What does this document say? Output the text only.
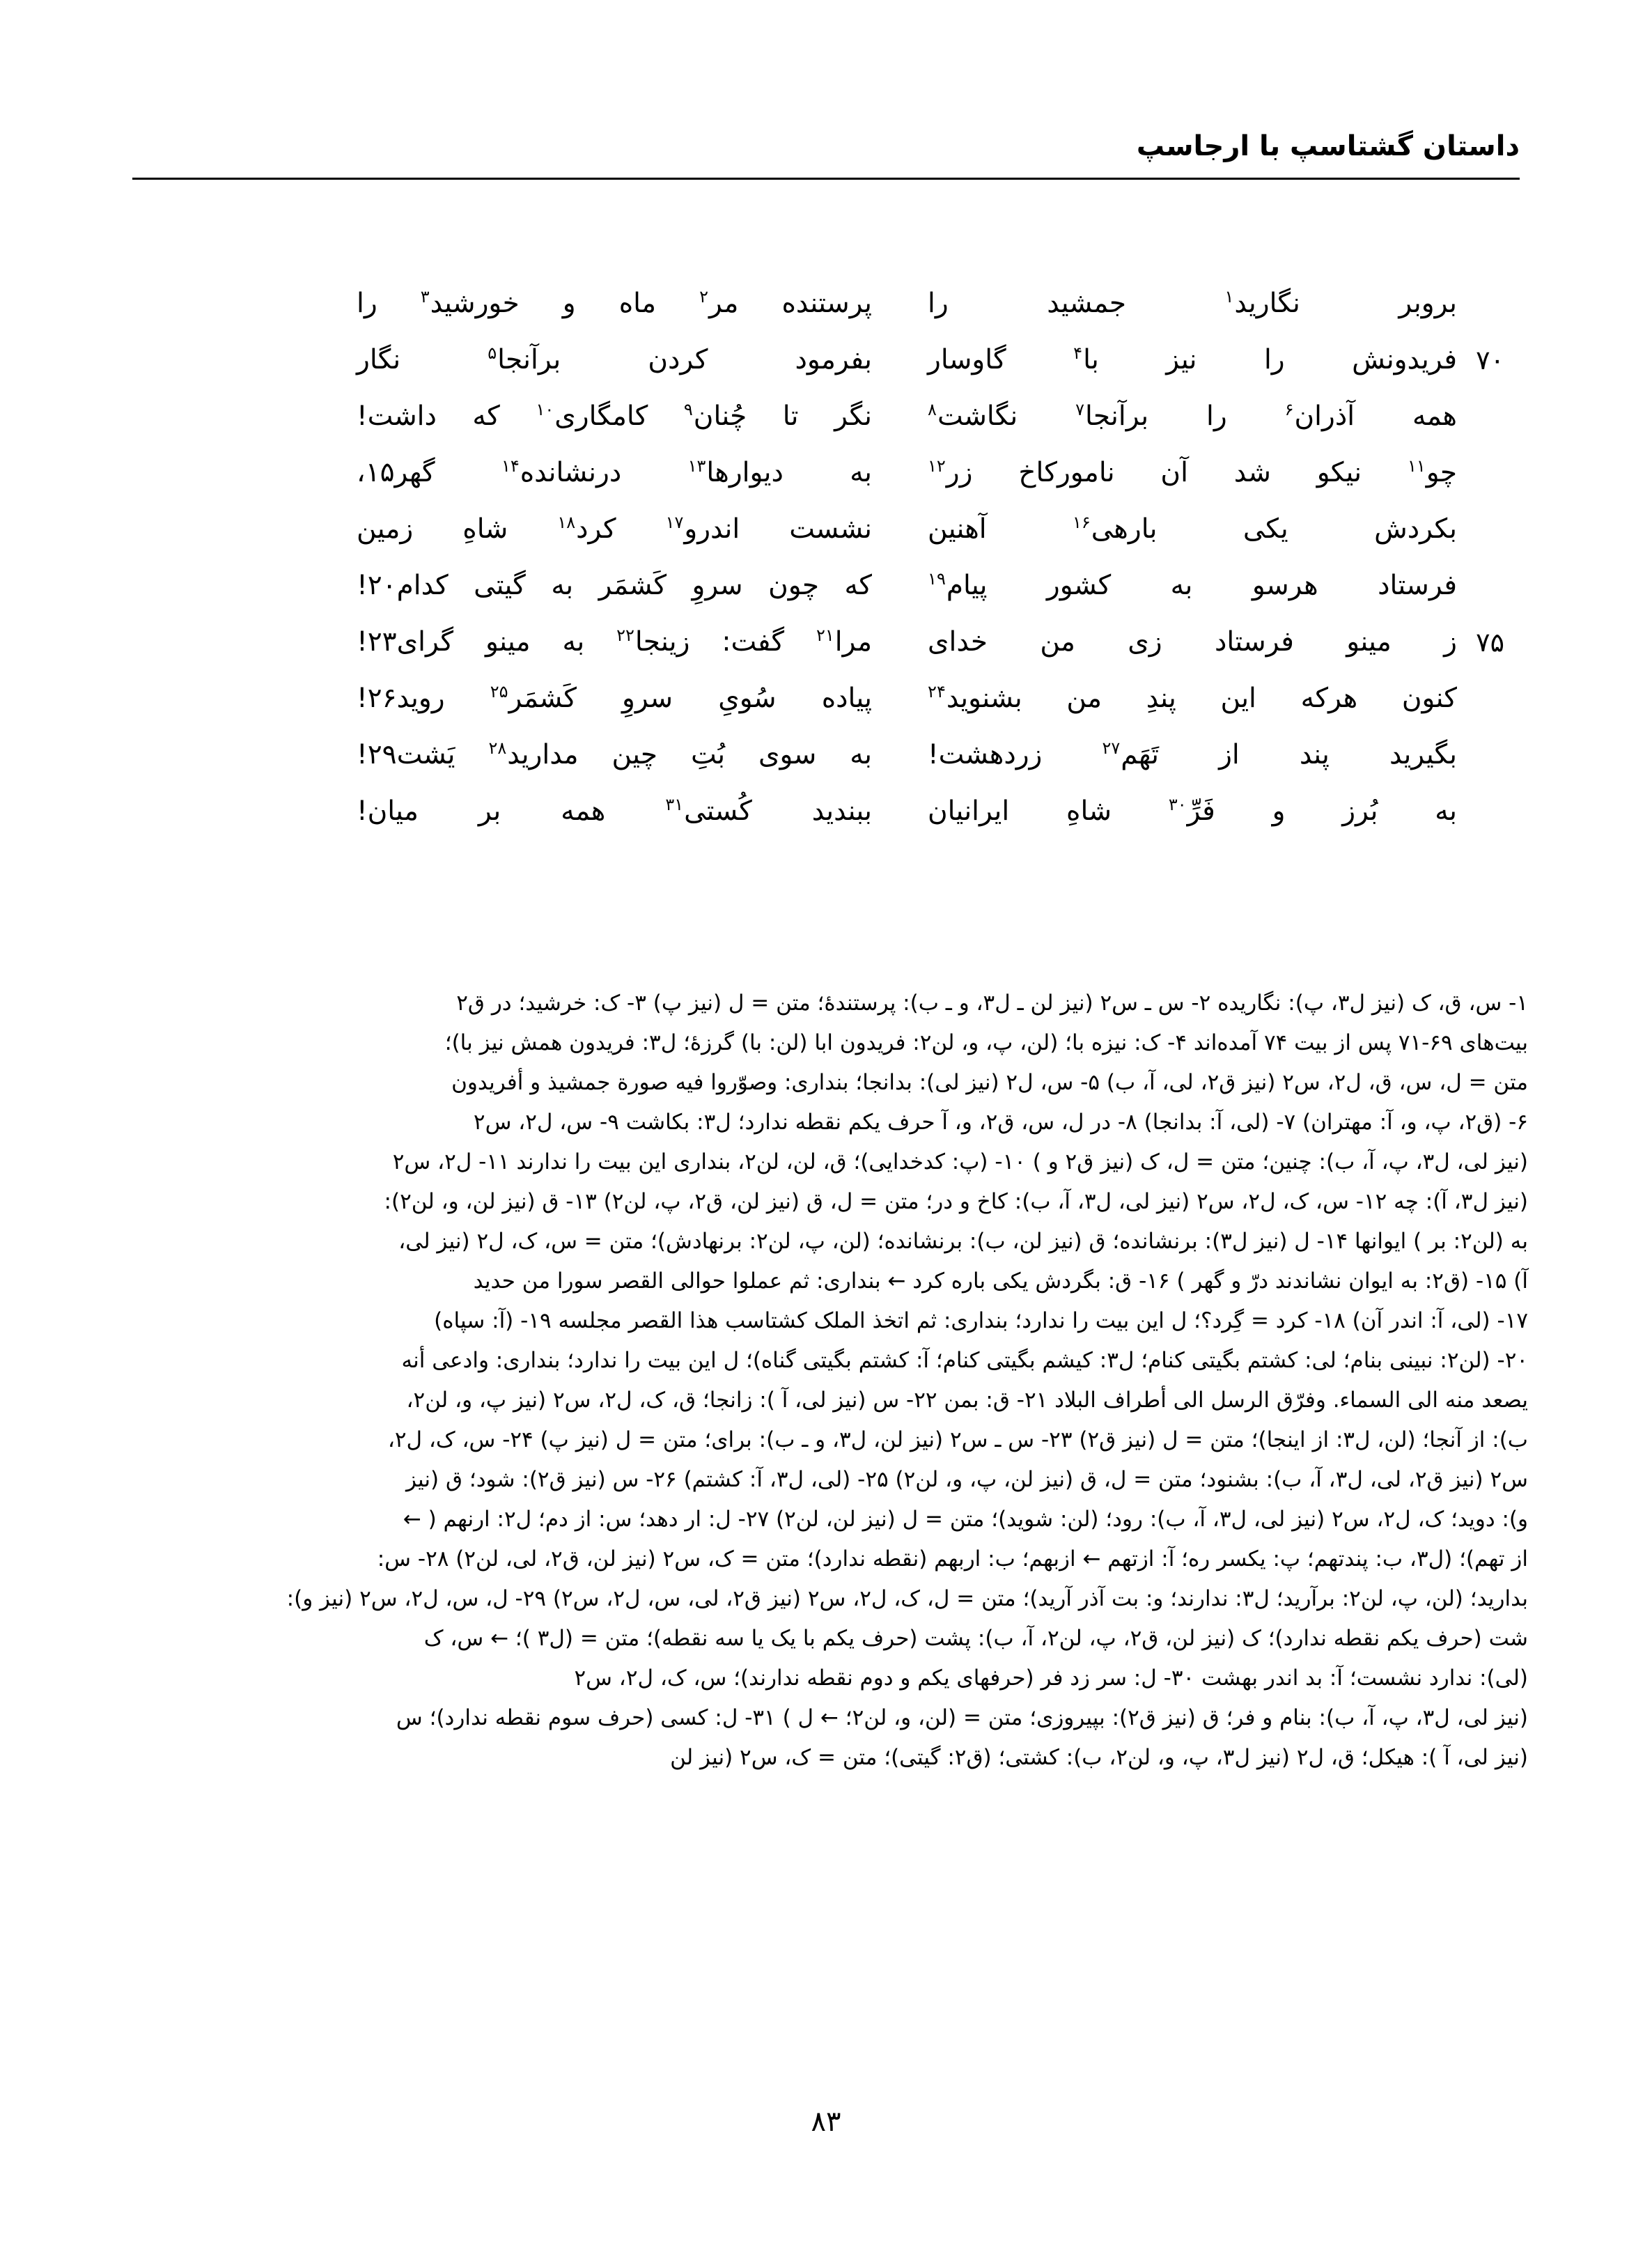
داستان گشتاسپ با ارجاسپ
بروبر
نگارید$^١$
جمشید
را
پرستنده
مر$^٢$
ماه
و
خورشید$^٣$
را
٧٠
فریدونش
را
نیز
با$^۴$
گاوسار
بفرمود
کردن
برآنجا$^۵$
نگار
همه
آذران$^۶$
را
برآنجا$^٧$
نگاشت$^٨$
نگر
تا
چُنان$^٩$
کامگاری$^{١٠}$
که
داشت!
چو$^{١١}$
نیکو
شد
آن
نامورکاخ
زر$^{١٢}$
به
دیوارها$^{١٣}$
درنشانده$^{١۴}$
گهر١۵،
بکردش
یکی
بارهی$^{١۶}$
آهنین
نشست
اندرو$^{١٧}$
کرد$^{١٨}$
شاهِ
زمین
فرستاد
هرسو
به
کشور
پیام$^{١٩}$
که
چون
سروِ
کَشمَر
به
گیتی
کدام٢٠!
٧۵
ز
مینو
فرستاد
زی
من
خدای
مرا$^{٢١}$
گفت:
زینجا$^{٢٢}$
به
مینو
گرای٢٣!
کنون
هرکه
این
پندِ
من
بشنوید$^{٢۴}$
پیاده
سُویِ
سروِ
کَشمَر$^{٢۵}$
روید٢۶!
بگیرید
پند
از
تَهَم$^{٢٧}$
زردهشت!
به
سوی
بُتِ
چین
مدارید$^{٢٨}$
یَشت٢٩!
به
بُرز
و
فَرِّ$^{٣٠}$
شاهِ
ایرانیان
ببندید
کُستی$^{٣١}$
همه
بر
میان!
١- س، ق، ک (نیز ل٣، پ): نگاریده ٢- س ـ س٢ (نیز لن ـ ل٣، و ـ ب): پرستندهٔ؛ متن = ل (نیز پ) ٣- ک: خرشید؛ در ق٢
بیت‌های ۶٩-٧١ پس از بیت ٧۴ آمده‌اند ۴- ک: نیزه با؛ (لن، پ، و، لن٢: فریدون ابا (لن: با) گرزهٔ؛ ل٣: فریدون همش نیز با)؛
متن = ل، س، ق، ل٢، س٢ (نیز ق٢، لی، آ، ب) ۵- س، ل٢ (نیز لی): بدانجا؛ بنداری: وصوّروا فیه صورة جمشیذ و أفریدون
۶- (ق٢، پ، و، آ: مهتران) ٧- (لی، آ: بدانجا) ٨- در ل، س، ق٢، و، آ حرف یکم نقطه ندارد؛ ل٣: بکاشت ٩- س، ل٢، س٢
(نیز لی، ل٣، پ، آ، ب): چنین؛ متن = ل، ک (نیز ق٢ و ) ١٠- (پ: کدخدایی)؛ ق، لن، لن٢، بنداری این بیت را ندارند ١١- ل٢، س٢
(نیز ل٣، آ): چه ١٢- س، ک، ل٢، س٢ (نیز لی، ل٣، آ، ب): کاخ و در؛ متن = ل، ق (نیز لن، ق٢، پ، لن٢) ١٣- ق (نیز لن، و، لن٢):
به (لن٢: بر ) ایوانها ١۴- ل (نیز ل٣): برنشانده؛ ق (نیز لن، ب): برنشانده؛ (لن، پ، لن٢: برنهادش)؛ متن = س، ک، ل٢ (نیز لی،
آ) ١۵- (ق٢: به ایوان نشاندند درّ و گهر ) ١۶- ق: بگردش یکی باره کرد ← بنداری: ثم عملوا حوالی القصر سورا من حدید
١٧- (لی، آ: اندر آن) ١٨- کرد = گِرد؟؛ ل این بیت را ندارد؛ بنداری: ثم اتخذ الملک کشتاسب هذا القصر مجلسه ١٩- (آ: سپاه)
٢٠- (لن٢: نبینی بنام؛ لی: کشتم بگیتی کنام؛ ل٣: کیشم بگیتی کنام؛ آ: کشتم بگیتی گناه)؛ ل این بیت را ندارد؛ بنداری: وادعی أنه
یصعد منه الی السماء. وفرّق الرسل الی أطراف البلاد ٢١- ق: بمن ٢٢- س (نیز لی، آ ): زانجا؛ ق، ک، ل٢، س٢ (نیز پ، و، لن٢،
ب): از آنجا؛ (لن، ل٣: از اینجا)؛ متن = ل (نیز ق٢) ٢٣- س ـ س٢ (نیز لن، ل٣، و ـ ب): برای؛ متن = ل (نیز پ) ٢۴- س، ک، ل٢،
س٢ (نیز ق٢، لی، ل٣، آ، ب): بشنود؛ متن = ل، ق (نیز لن، پ، و، لن٢) ٢۵- (لی، ل٣، آ: کشتم) ٢۶- س (نیز ق٢): شود؛ ق (نیز
و): دوید؛ ک، ل٢، س٢ (نیز لی، ل٣، آ، ب): رود؛ (لن: شوید)؛ متن = ل (نیز لن، لن٢) ٢٧- ل: ار دهد؛ س: از دم؛ ل٢: ارنهم ( ←
از تهم)؛ (ل٣، ب: پندتهم؛ پ: یکسر ره؛ آ: ازتهم ← ازبهم؛ ب: اربهم (نقطه ندارد)؛ متن = ک، س٢ (نیز لن، ق٢، لی، لن٢) ٢٨- س:
بدارید؛ (لن، پ، لن٢: برآرید؛ ل٣: ندارند؛ و: بت آذر آرید)؛ متن = ل، ک، ل٢، س٢ (نیز ق٢، لی، س، ل٢، س٢) ٢٩- ل، س، ل٢، س٢ (نیز و):
شت (حرف یکم نقطه ندارد)؛ ک (نیز لن، ق٢، پ، لن٢، آ، ب): پشت (حرف یکم با یک یا سه نقطه)؛ متن = (ل٣ )؛ ← س، ک
(لی): ندارد نشست؛ آ: بد اندر بهشت ٣٠- ل: سر زد فر (حرفهای یکم و دوم نقطه ندارند)؛ س، ک، ل٢، س٢
(نیز لی، ل٣، پ، آ، ب): بنام و فر؛ ق (نیز ق٢): بپیروزی؛ متن = (لن، و، لن٢؛ ← ل ) ٣١- ل: کسی (حرف سوم نقطه ندارد)؛ س
(نیز لی، آ ): هیکل؛ ق، ل٢ (نیز ل٣، پ، و، لن٢، ب): کشتی؛ (ق٢: گیتی)؛ متن = ک، س٢ (نیز لن
۸۳
